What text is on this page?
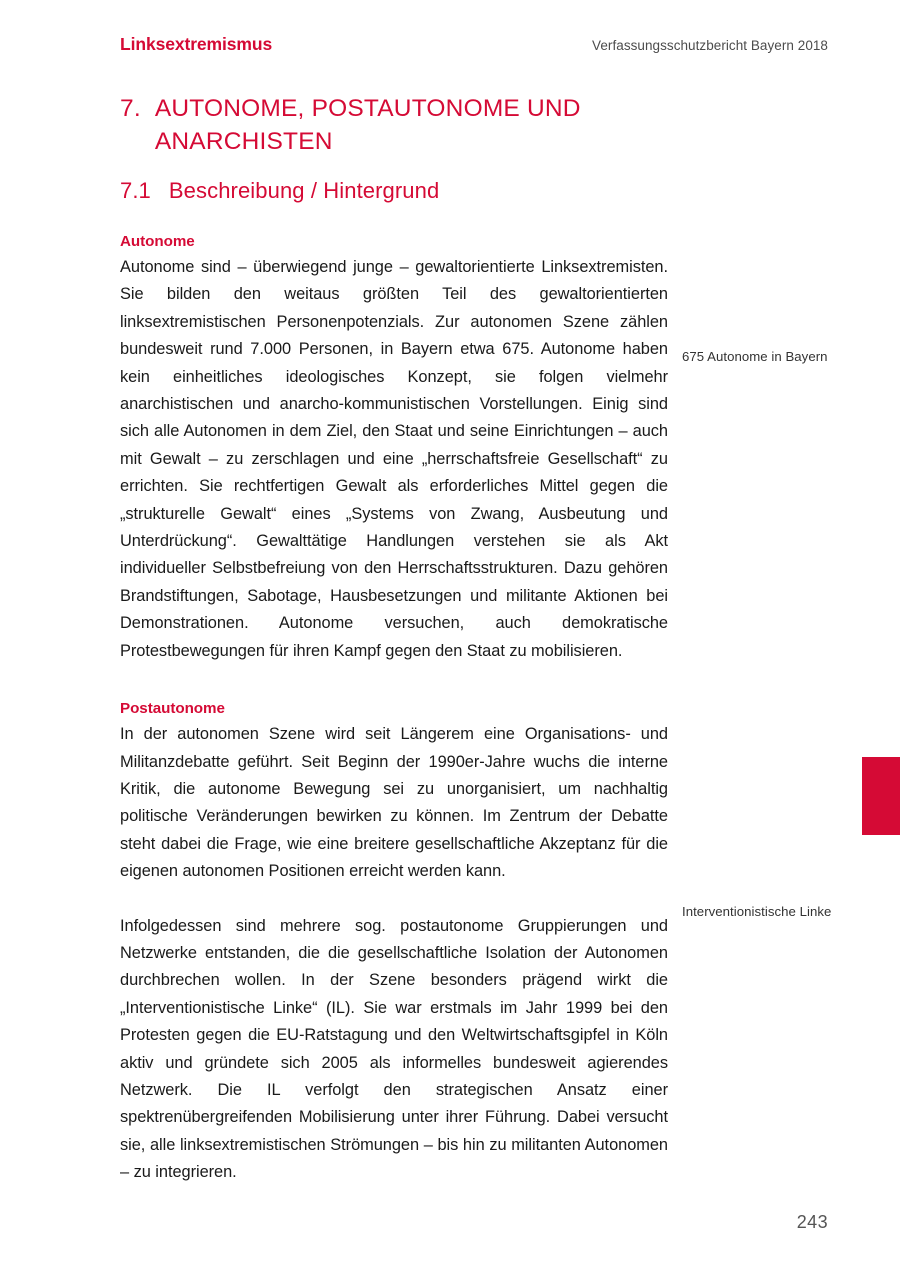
Linksextremismus	Verfassungsschutzbericht Bayern 2018
7. AUTONOME, POSTAUTONOME UND ANARCHISTEN
7.1 Beschreibung / Hintergrund
Autonome

Autonome sind – überwiegend junge – gewaltorientierte Linksextremisten. Sie bilden den weitaus größten Teil des gewaltorientierten linksextremistischen Personenpotenzials. Zur autonomen Szene zählen bundesweit rund 7.000 Personen, in Bayern etwa 675. Autonome haben kein einheitliches ideologisches Konzept, sie folgen vielmehr anarchistischen und anarcho-kommunistischen Vorstellungen. Einig sind sich alle Autonomen in dem Ziel, den Staat und seine Einrichtungen – auch mit Gewalt – zu zerschlagen und eine „herrschaftsfreie Gesellschaft“ zu errichten. Sie rechtfertigen Gewalt als erforderliches Mittel gegen die „strukturelle Gewalt“ eines „Systems von Zwang, Ausbeutung und Unterdrückung“. Gewalttätige Handlungen verstehen sie als Akt individueller Selbstbefreiung von den Herrschaftsstrukturen. Dazu gehören Brandstiftungen, Sabotage, Hausbesetzungen und militante Aktionen bei Demonstrationen. Autonome versuchen, auch demokratische Protestbewegungen für ihren Kampf gegen den Staat zu mobilisieren.

Postautonome

In der autonomen Szene wird seit Längerem eine Organisations- und Militanzdebatte geführt. Seit Beginn der 1990er-Jahre wuchs die interne Kritik, die autonome Bewegung sei zu unorganisiert, um nachhaltig politische Veränderungen bewirken zu können. Im Zentrum der Debatte steht dabei die Frage, wie eine breitere gesellschaftliche Akzeptanz für die eigenen autonomen Positionen erreicht werden kann.

Infolgedessen sind mehrere sog. postautonome Gruppierungen und Netzwerke entstanden, die die gesellschaftliche Isolation der Autonomen durchbrechen wollen. In der Szene besonders prägend wirkt die „Interventionistische Linke“ (IL). Sie war erstmals im Jahr 1999 bei den Protesten gegen die EU-Ratstagung und den Weltwirtschaftsgipfel in Köln aktiv und gründete sich 2005 als informelles bundesweit agierendes Netzwerk. Die IL verfolgt den strategischen Ansatz einer spektrenübergreifenden Mobilisierung unter ihrer Führung. Dabei versucht sie, alle linksextremistischen Strömungen – bis hin zu militanten Autonomen – zu integrieren.

675 Autonome in Bayern
Interventionistische Linke
243
